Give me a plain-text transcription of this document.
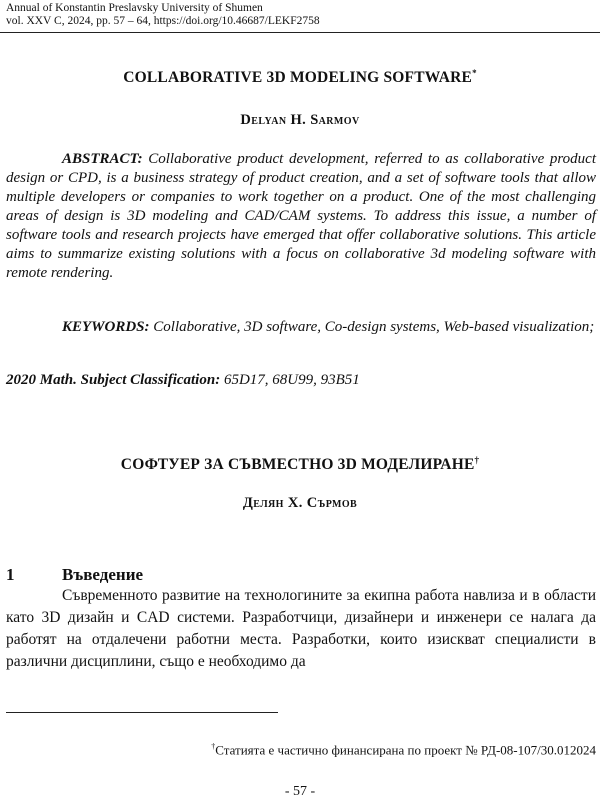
Annual of Konstantin Preslavsky University of Shumen
vol. XXV C, 2024, pp. 57 – 64, https://doi.org/10.46687/LEKF2758
COLLABORATIVE 3D MODELING SOFTWARE*
Delyan H. Sarmov
ABSTRACT: Collaborative product development, referred to as collaborative product design or CPD, is a business strategy of product creation, and a set of software tools that allow multiple developers or companies to work together on a product. One of the most challenging areas of design is 3D modeling and CAD/CAM systems. To address this issue, a number of software tools and research projects have emerged that offer collaborative solutions. This article aims to summarize existing solutions with a focus on collaborative 3d modeling software with remote rendering.
KEYWORDS: Collaborative, 3D software, Co-design systems, Web-based visualization;
2020 Math. Subject Classification: 65D17, 68U99, 93B51
СОФТУЕР ЗА СЪВМЕСТНО 3D МОДЕЛИРАНЕ†
Делян Х. Сърмов
1	Въведение
Съвременното развитие на технологините за екипна работа навлиза и в области като 3D дизайн и CAD системи. Разработчици, дизайнери и инженери се налага да работят на отдалечени работни места. Разработки, които изискват специалисти в различни дисциплини, също е необходимо да
†Статията е частично финансирана по проект № РД-08-107/30.012024
- 57 -
